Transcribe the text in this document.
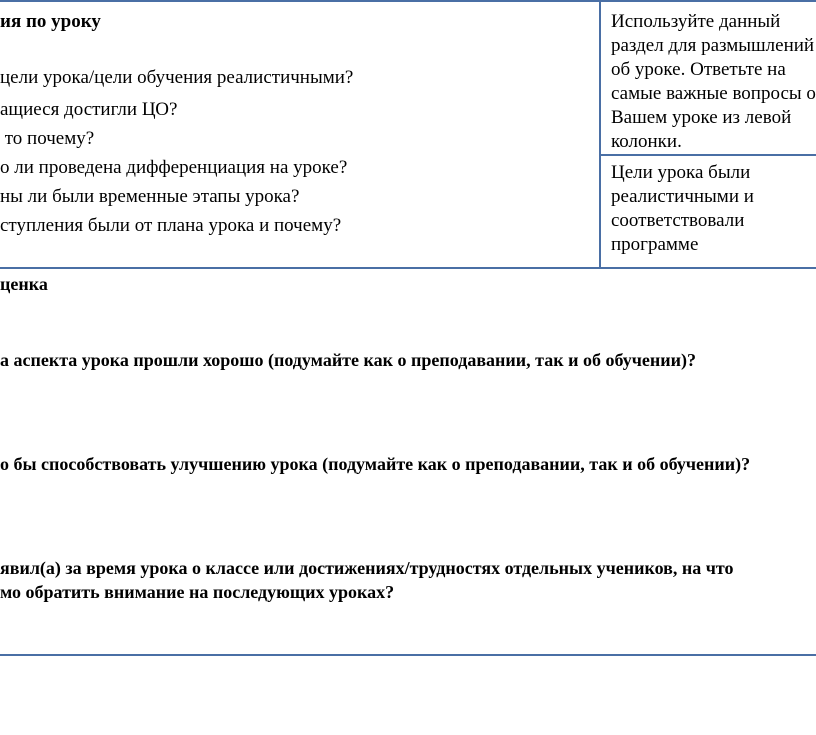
ия по уроку
цели урока/цели обучения реалистичными?
ащиеся достигли ЦО?
то почему?
о ли проведена дифференциация на уроке?
ны ли были временные этапы урока?
ступления были от плана урока и почему?
Используйте данный
раздел для размышлений
об уроке. Ответьте на
самые важные вопросы о
Вашем уроке из левой
колонки.
Цели урока были
реалистичными и
соответствовали
программе
ценка
а аспекта урока прошли хорошо (подумайте как о преподавании, так и об обучении)?
о бы способствовать улучшению урока (подумайте как о преподавании, так и об обучении)?
явил(а) за время урока о классе или достижениях/трудностях отдельных учеников, на что
мо обратить внимание на последующих уроках?
